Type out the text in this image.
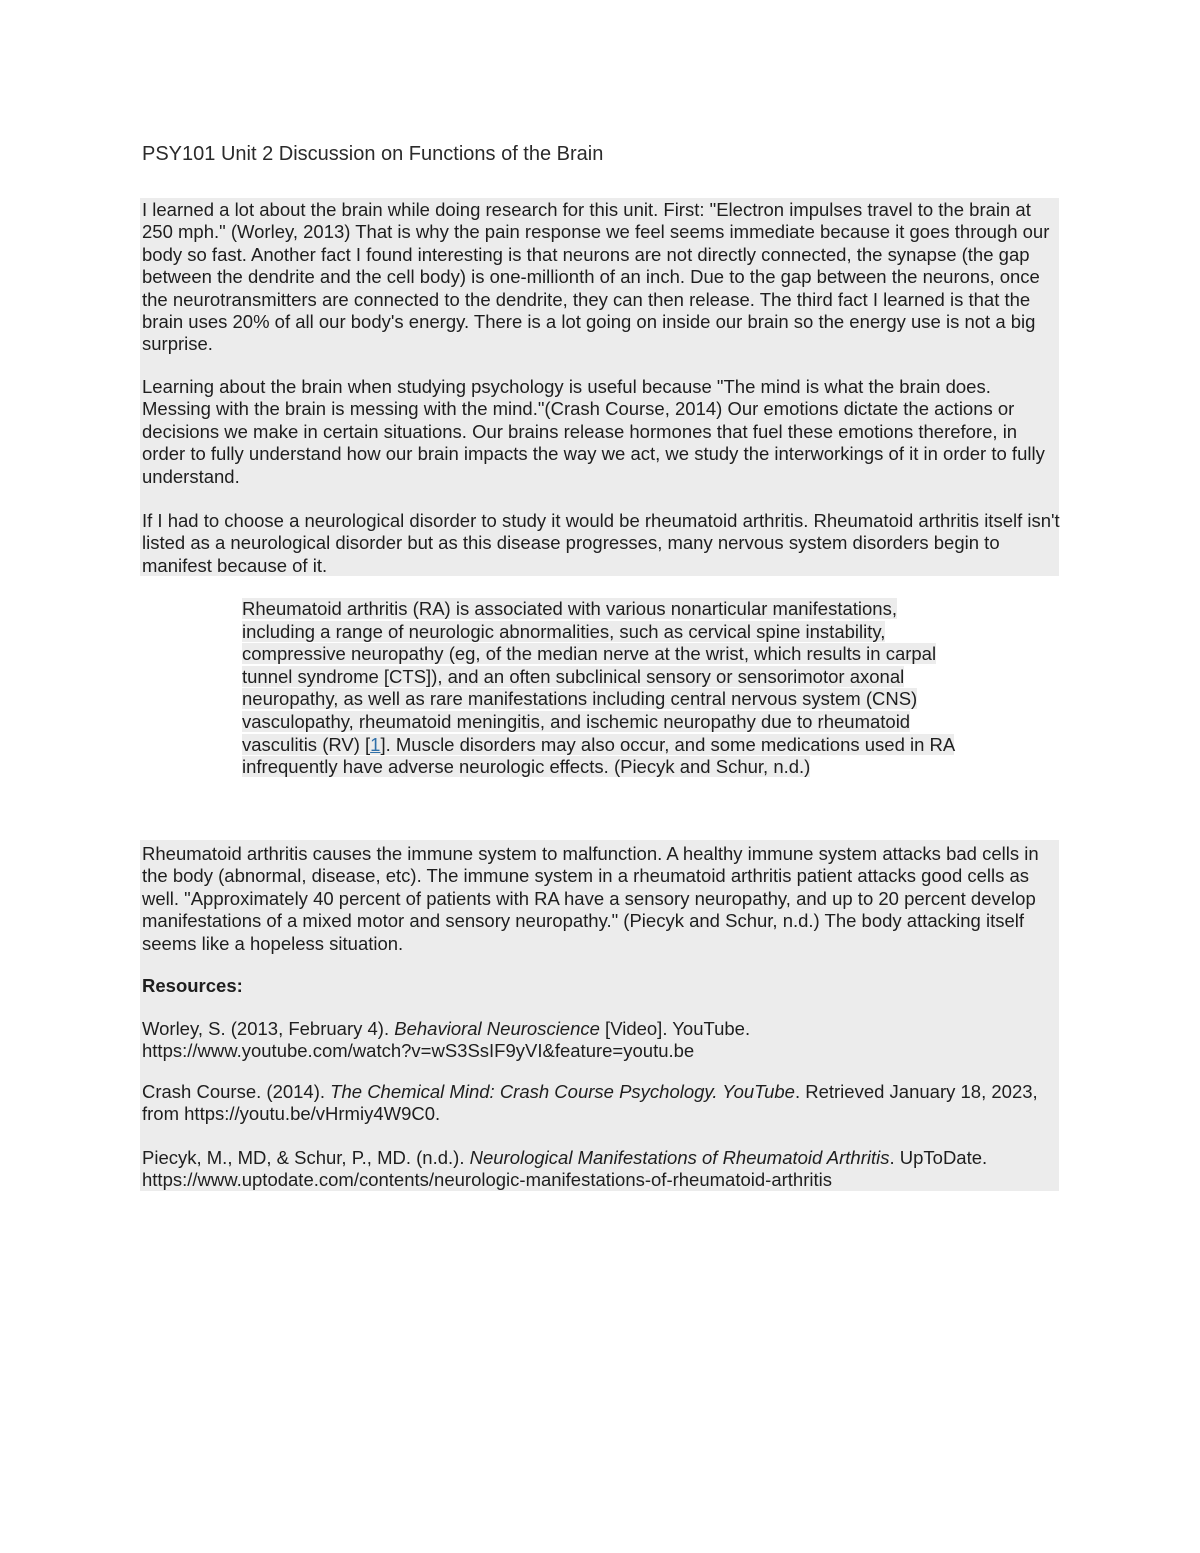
PSY101 Unit 2 Discussion on Functions of the Brain
I learned a lot about the brain while doing research for this unit. First: "Electron impulses travel to the brain at 250 mph." (Worley, 2013) That is why the pain response we feel seems immediate because it goes through our body so fast. Another fact I found interesting is that neurons are not directly connected, the synapse (the gap between the dendrite and the cell body) is one-millionth of an inch. Due to the gap between the neurons, once the neurotransmitters are connected to the dendrite, they can then release. The third fact I learned is that the brain uses 20% of all our body's energy. There is a lot going on inside our brain so the energy use is not a big surprise.
Learning about the brain when studying psychology is useful because "The mind is what the brain does. Messing with the brain is messing with the mind."(Crash Course, 2014) Our emotions dictate the actions or decisions we make in certain situations. Our brains release hormones that fuel these emotions therefore, in order to fully understand how our brain impacts the way we act, we study the interworkings of it in order to fully understand.
If I had to choose a neurological disorder to study it would be rheumatoid arthritis. Rheumatoid arthritis itself isn't listed as a neurological disorder but as this disease progresses, many nervous system disorders begin to manifest because of it.
Rheumatoid arthritis (RA) is associated with various nonarticular manifestations, including a range of neurologic abnormalities, such as cervical spine instability, compressive neuropathy (eg, of the median nerve at the wrist, which results in carpal tunnel syndrome [CTS]), and an often subclinical sensory or sensorimotor axonal neuropathy, as well as rare manifestations including central nervous system (CNS) vasculopathy, rheumatoid meningitis, and ischemic neuropathy due to rheumatoid vasculitis (RV) [1]. Muscle disorders may also occur, and some medications used in RA infrequently have adverse neurologic effects. (Piecyk and Schur, n.d.)
Rheumatoid arthritis causes the immune system to malfunction. A healthy immune system attacks bad cells in the body (abnormal, disease, etc). The immune system in a rheumatoid arthritis patient attacks good cells as well. "Approximately 40 percent of patients with RA have a sensory neuropathy, and up to 20 percent develop manifestations of a mixed motor and sensory neuropathy." (Piecyk and Schur, n.d.) The body attacking itself seems like a hopeless situation.
Resources:
Worley, S. (2013, February 4). Behavioral Neuroscience [Video]. YouTube. https://www.youtube.com/watch?v=wS3SsIF9yVI&feature=youtu.be
Crash Course. (2014). The Chemical Mind: Crash Course Psychology. YouTube. Retrieved January 18, 2023, from https://youtu.be/vHrmiy4W9C0.
Piecyk, M., MD, & Schur, P., MD. (n.d.). Neurological Manifestations of Rheumatoid Arthritis. UpToDate. https://www.uptodate.com/contents/neurologic-manifestations-of-rheumatoid-arthritis
